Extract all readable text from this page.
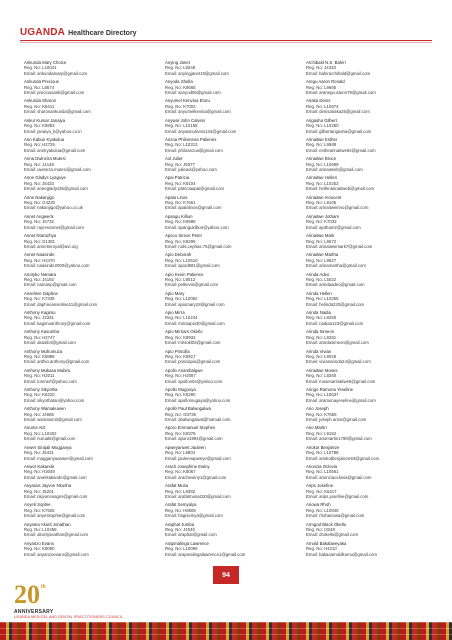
UGANDA Healthcare Directory
Ankunda Mary Choice
Reg. No: L10041
Email: ankundamary@gmail.com
Ankunda Precious
Reg. No: L8674
Email: preciousank@gmail.com
Ankunda Sharon
Reg. No: K8411
Email: sharonankunda@gmail.com
Ankur Kumar Janaiya
Reg. No: K8853
Email: janaiya_k@yahoo.co.in
Ann Kabuo Kyakulua
Reg. No: H2729
Email: annkyakulua@gmail.com
Anna Dwinzira Mutesi
Reg. No: J4148
Email: uwineza.mutesi@gmail.com
Anne Gladys Lyagoye
Reg. No: J5433
Email: annegladys36@gmail.com
Anne Nakanjigo
Reg. No: G4230
Email: nakanjigo@yahoo.co.uk
Annet Angweck
Reg. No: J6732
Email: rayrenannet@gmail.com
Annet Ntarazhya
Reg. No: G1381
Email: annetniroyal@avi.org
Annet Naasinde
Reg. No: H2470
Email: naasinde2000@yahoo.com
Anotyko Namara
Reg. No: J4192
Email: namanp@gmail.com
Anselmie Daphne
Reg. No: K7339
Email: daphneanselmie11@gmail.com
Anthony Kagimu
Reg. No: J3331
Email: kagimuanthony@gmail.com
Anthony Kasumba
Reg. No: H2747
Email: akasib4@gmail.com
Anthony Muhumuza
Reg. No: K8888
Email: anthio.anthony@gmail.com
Anthony Mukasa Mubiru
Reg. No: H2011
Email: tonmerl@yahoo.com
Anthony Sikyotha
Reg. No: K6220
Email: sikyothatan@yahoo.com
Anthony Wamakuwen
Reg. No: J4665
Email: wamatoni3@gmail.com
Anuma Atit
Reg. No: L10402
Email: nuruatit@gmail.com
Anwer Sirajali Mugganya
Reg. No: J5431
Email: mugganyaanwer@gmail.com
Anwor Kakande
Reg. No: H3049
Email: anwrkakande@gmail.com
Anyasus Jayvon Nkusha
Reg. No: J5201
Email: nkjvonnsagns@gmail.com
Anyeti Sophie
Reg. No: K7925
Email: anyetisophie@gmail.com
Anyama Akorit Jonathan
Reg. No: L10458
Email: akoritjonathan@gmail.com
Anyanzo Evans
Reg. No: K8090
Email: anyanzoevans@gmail.com
Anying Janet
Reg. No: L9348
Email: anyingjanet19@gmail.com
Anyoda Shella
Reg. No: K8665
Email: sanyod06@gmail.com
Anyumel Kenvina Etoru
Reg. No: K7003
Email: anyumelkevina@gmail.com
Anywar John Calvins
Reg. No: L10155
Email: anywarcalvins134@gmail.com
Anzoa Philomena Palienes
Reg. No: L10313
Email: philoanzoa@gmail.com
Aol Juliet
Reg. No: J5577
Email: julieaol@yahoo.com
Apai Patricia
Reg. No: K8104
Email: patriciaapai@gmail.com
Apala Linos
Reg. No: K7661
Email: apalalinos@gmail.com
Apangu Killion
Reg. No: K8588
Email: apangukillion@yahoo.com
Apecu Sireos Peter
Reg. No: K8296
Email: rods.cephas.75@gmail.com
Apio Deborah
Reg. No: L10510
Email: apiod581@gmail.com
Apio Kevin Patience
Reg. No: L9012
Email: petkevin@gmail.com
Apio Mary
Reg. No: L10062
Email: apiomary18@gmail.com
Apio Mirra
Reg. No: L10244
Email: mirraapio30@gmail.com
Apio Mirriam Okello
Reg. No: K8932
Email: mirsokl03@gmail.com
Apio Priscilla
Reg. No: K8917
Email: prisciapio@gmail.com
Apollo Anambalgwe
Reg. No: H2067
Email: apollon04@yahoo.com
Apollo Mugooya
Reg. No: K8290
Email: apollomugaya@yahoo.com
Apollo Paul Balwogalwa
Reg. No: G0736
Email: abalwogalwa@hotmail.com
Aporo Emmanuel Stephen
Reg. No: K8378
Email: aporo1994@gmail.com
Apweyanwet Jauleen
Reg. No: L9804
Email: jauleenapweye@gmail.com
Arach Josephine Ewiny
Reg. No: K8067
Email: arachewiny1@gmail.com
Arafat Musa
Reg. No: L9382
Email: arafatmusa100@gmail.com
Arafat Semyalya
Reg. No: H8505
Email: hagisemya@gmail.com
Araphat Jumba
Reg. No: J4045
Email: araphat@gmail.com
Arapmalinga Lawrence
Reg. No: L10096
Email: arapmalingalawrence1@gmail.com
Archibald N.S. Bahiri
Reg. No: J4333
Email: bahirarchibald@gmail.com
Aregu Aaron Ronald
Reg. No: L9665
Email: aranegu.aaron79@gmail.com
Ariaka Denis
Reg. No: L10874
Email: denisariaka25@gmail.com
Arigasha Gilbert
Reg. No: L10250
Email: gilbertarigasha@gmail.com
Arinaitwe Esther
Reg. No: L9688
Email: esthearinaitwe94@gmail.com
Arinaitwe Bruce
Reg. No: L10699
Email: arinaitweb@gmail.com
Arinaitwe Hellen
Reg. No: L10253
Email: hellenarinaitweb@gmail.com
Arinaitwe Innocent
Reg. No: L9105
Email: arinaitweinno@gmail.com
Arinaitwe Jotham
Reg. No: K7033
Email: ajotham2@gmail.com
Arinaitwe Mark
Reg. No: L9672
Email: arinaitwemark7@gmail.com
Arinaitwe Martha
Reg. No: L9927
Email: arinamartha@gmail.com
Arinda Adeo
Reg. No: L5022
Email: arindaadeo@gmail.com
Arinda Hellen
Reg. No: L10255
Email: helinda220@gmail.com
Arinda Nadia
Reg. No: L9250
Email: nadiaa123@gmail.com
Arinda Simeon
Reg. No: L9281
Email: arindasimeon@gmail.com
Arinda Vivian
Reg. No: L9026
Email: vivianarinda24@gmail.com
Arinaitwe Moses
Reg. No: L9260
Email: mosesarinaitwe8@gmail.com
Aringo Ramona Yeseline
Reg. No: L10637
Email: aramonayeseline@gmail.com
Ario Joseph
Reg. No: K7659
Email: joseph.arios@gmail.com
Ario Martin
Reg. No: L9162
Email: ariomartin1790@gmail.com
Ariokot Benjaleze
Reg. No: L10788
Email: ariokotbenjaleze93@gmail.com
Arionzia Oclovia
Reg. No: L10561
Email: arionziaoclovia@gmail.com
Arips Josefine
Reg. No: K6417
Email: arips.josefine@gmail.com
Ariowa Rhoh
Reg. No: L10845
Email: rhohariowa@gmail.com
Armgod Black Okello
Reg. No: I3248
Email: drokello@gmail.com
Arnold Bakabweyaka
Reg. No: H4210
Email: bakasarnoldkumu@gmail.com
20 th
ANNIVERSARY
UGANDA MEDICAL AND DENTAL PRACTITIONERS COUNCIL
94
